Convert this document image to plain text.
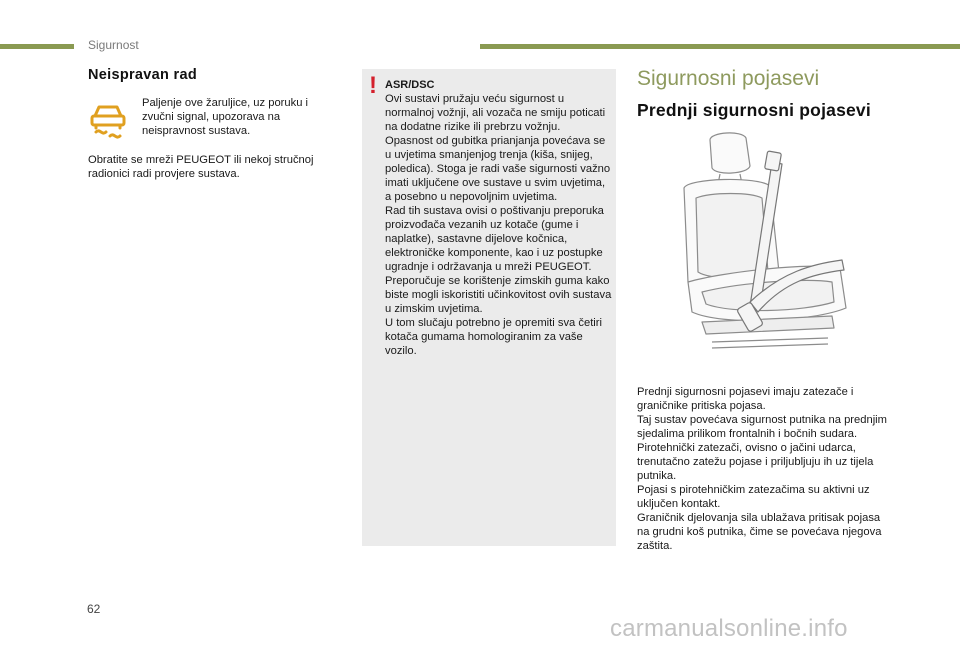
Sigurnost
Neispravan rad
Paljenje ove žaruljice, uz poruku i zvučni signal, upozorava na neispravnost sustava.
Obratite se mreži PEUGEOT ili nekoj stručnoj radionici radi provjere sustava.
! ASR/DSC

Ovi sustavi pružaju veću sigurnost u normalnoj vožnji, ali vozača ne smiju poticati na dodatne rizike ili prebrzu vožnju.

Opasnost od gubitka prianjanja povećava se u uvjetima smanjenjog trenja (kiša, snijeg, poledica). Stoga je radi vaše sigurnosti važno imati uključene ove sustave u svim uvjetima, a posebno u nepovoljnim uvjetima.

Rad tih sustava ovisi o poštivanju preporuka proizvođača vezanih uz kotače (gume i naplatke), sastavne dijelove kočnica, elektroničke komponente, kao i uz postupke ugradnje i održavanja u mreži PEUGEOT.

Preporučuje se korištenje zimskih guma kako biste mogli iskoristiti učinkovitost ovih sustava u zimskim uvjetima.

U tom slučaju potrebno je opremiti sva četiri kotača gumama homologiranim za vaše vozilo.

Sigurnosni pojasevi
Prednji sigurnosni pojasevi

Prednji sigurnosni pojasevi imaju zatezače i graničnike pritiska pojasa.

Taj sustav povećava sigurnost putnika na prednjim sjedalima prilikom frontalnih i bočnih sudara. Pirotehnički zatezači, ovisno o jačini udarca, trenutačno zatežu pojase i priljubljuju ih uz tijela putnika.

Pojasi s pirotehničkim zatezačima su aktivni uz uključen kontakt.

Graničnik djelovanja sila ublažava pritisak pojasa na grudni koš putnika, čime se povećava njegova zaštita.

62
carmanualsonline.info
